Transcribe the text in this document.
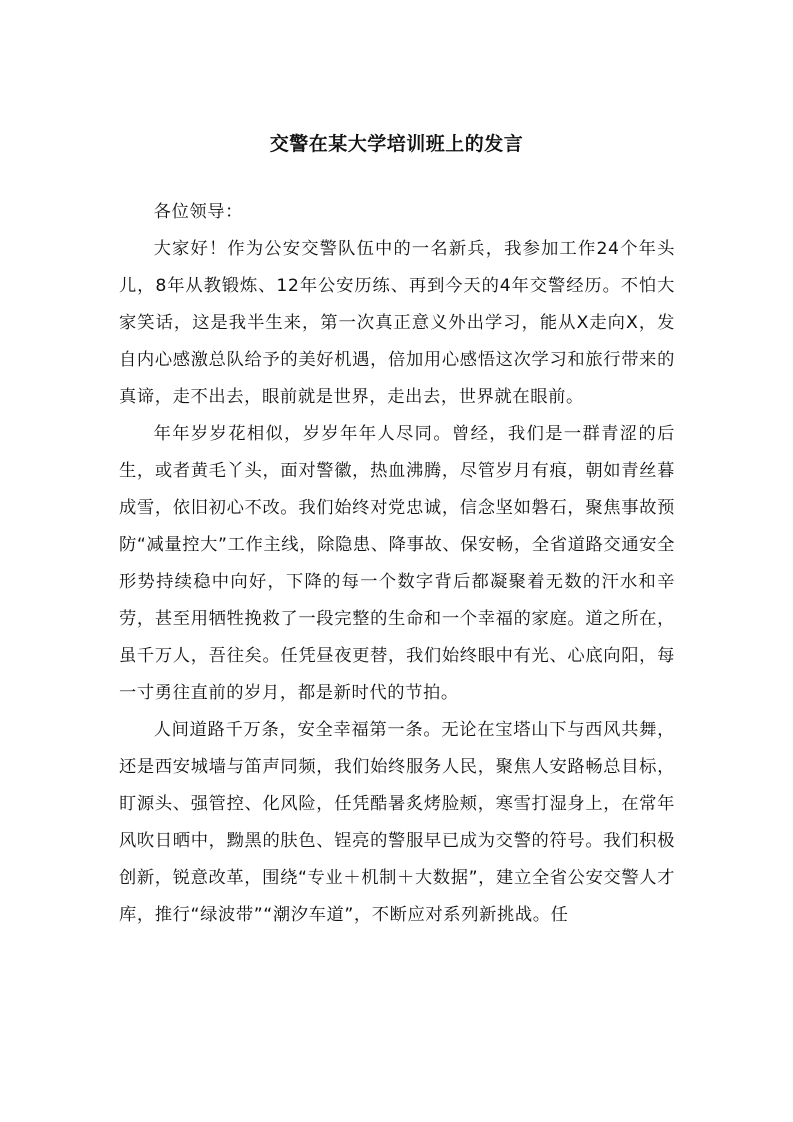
交警在某大学培训班上的发言

各位领导：

大家好！作为公安交警队伍中的一名新兵，我参加工作24个年头儿，8年从教锻炼、12年公安历练、再到今天的4年交警经历。不怕大家笑话，这是我半生来，第一次真正意义外出学习，能从X走向X，发自内心感激总队给予的美好机遇，倍加用心感悟这次学习和旅行带来的真谛，走不出去，眼前就是世界，走出去，世界就在眼前。

年年岁岁花相似，岁岁年年人尽同。曾经，我们是一群青涩的后生，或者黄毛丫头，面对警徽，热血沸腾，尽管岁月有痕，朝如青丝暮成雪，依旧初心不改。我们始终对党忠诚，信念坚如磐石，聚焦事故预防“减量控大”工作主线，除隐患、降事故、保安畅，全省道路交通安全形势持续稳中向好，下降的每一个数字背后都凝聚着无数的汗水和辛劳，甚至用牺牲挽救了一段完整的生命和一个幸福的家庭。道之所在，虽千万人，吾往矣。任凭昼夜更替，我们始终眼中有光、心底向阳，每一寸勇往直前的岁月，都是新时代的节拍。

人间道路千万条，安全幸福第一条。无论在宝塔山下与西风共舞，还是西安城墙与笛声同频，我们始终服务人民，聚焦人安路畅总目标，盯源头、强管控、化风险，任凭酷暑炙烤脸颊，寒雪打湿身上，在常年风吹日晒中，黝黑的肤色、锃亮的警服早已成为交警的符号。我们积极创新，锐意改革，围绕“专业＋机制＋大数据”，建立全省公安交警人才库，推行“绿波带”“潮汐车道”，不断应对系列新挑战。任
